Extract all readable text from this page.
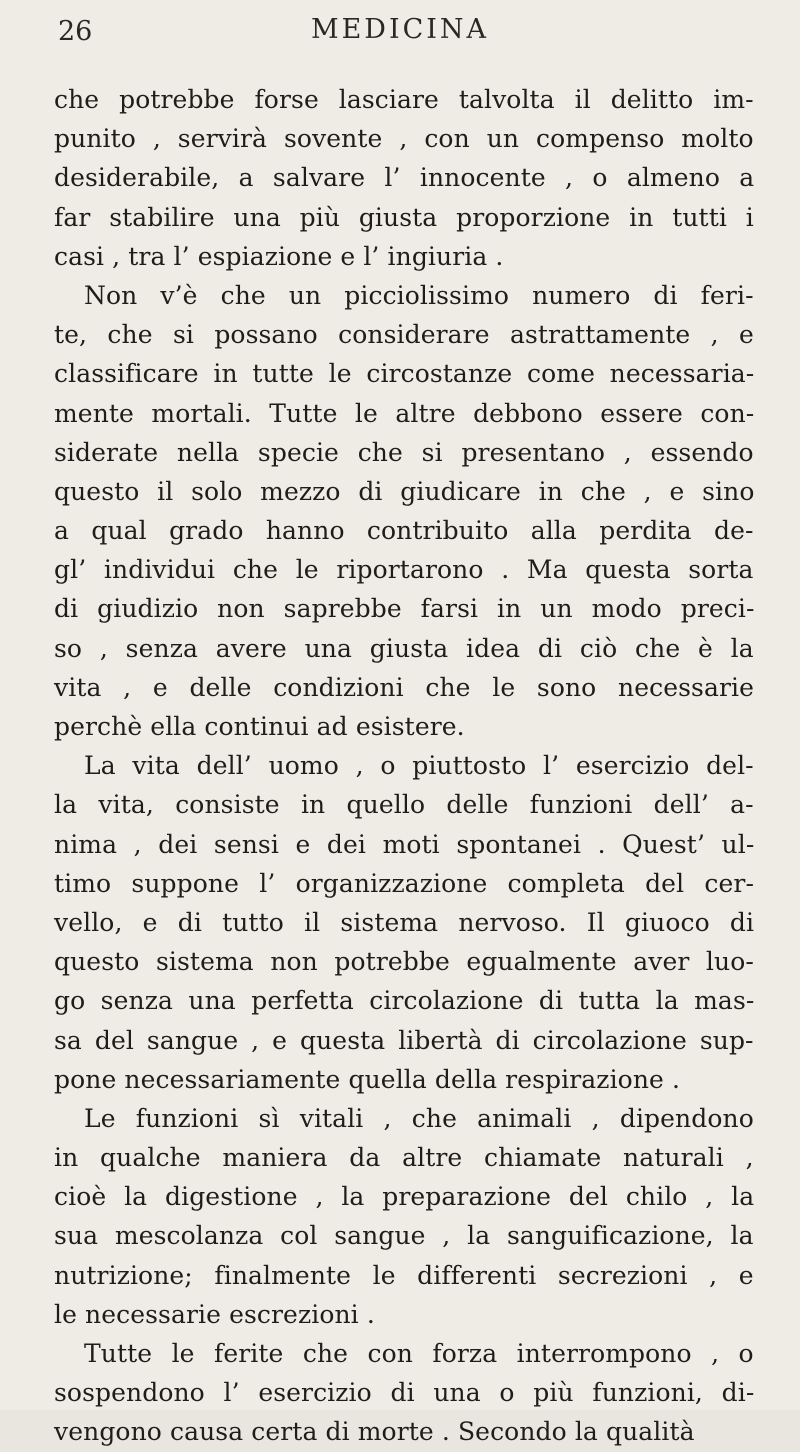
26	MEDICINA
che potrebbe forse lasciare talvolta il delitto im-
punito , servirà sovente , con un compenso molto
desiderabile, a salvare l’ innocente , o almeno a
far stabilire una più giusta proporzione in tutti i
casi , tra l’ espiazione e l’ ingiuria .
Non v’è che un picciolissimo numero di feri-
te, che si possano considerare astrattamente , e
classificare in tutte le circostanze come necessaria-
mente mortali. Tutte le altre debbono essere con-
siderate nella specie che si presentano , essendo
questo il solo mezzo di giudicare in che , e sino
a qual grado hanno contribuito alla perdita de-
gl’ individui che le riportarono . Ma questa sorta
di giudizio non saprebbe farsi in un modo preci-
so , senza avere una giusta idea di ciò che è la
vita , e delle condizioni che le sono necessarie
perchè ella continui ad esistere.
La vita dell’ uomo , o piuttosto l’ esercizio del-
la vita, consiste in quello delle funzioni dell’ a-
nima , dei sensi e dei moti spontanei . Quest’ ul-
timo suppone l’ organizzazione completa del cer-
vello, e di tutto il sistema nervoso. Il giuoco di
questo sistema non potrebbe egualmente aver luo-
go senza una perfetta circolazione di tutta la mas-
sa del sangue , e questa libertà di circolazione sup-
pone necessariamente quella della respirazione .
Le funzioni sì vitali , che animali , dipendono
in qualche maniera da altre chiamate naturali ,
cioè la digestione , la preparazione del chilo , la
sua mescolanza col sangue , la sanguificazione, la
nutrizione; finalmente le differenti secrezioni , e
le necessarie escrezioni .
Tutte le ferite che con forza interrompono , o
sospendono l’ esercizio di una o più funzioni, di-
vengono causa certa di morte . Secondo la qualità
